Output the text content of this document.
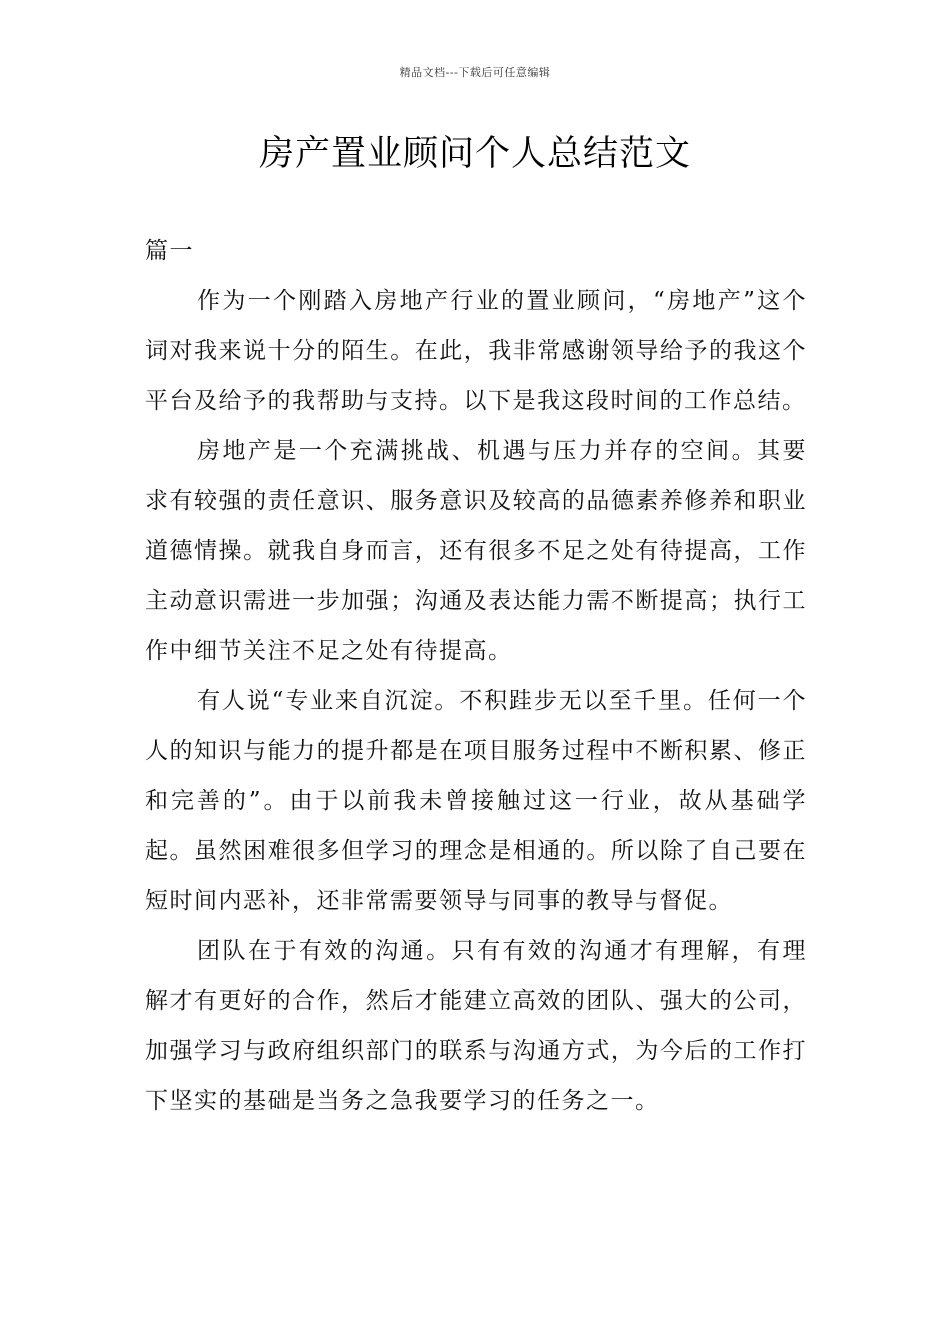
精品文档---下载后可任意编辑
房产置业顾问个人总结范文

篇一

作为一个刚踏入房地产行业的置业顾问，“房地产”这个词对我来说十分的陌生。在此，我非常感谢领导给予的我这个平台及给予的我帮助与支持。以下是我这段时间的工作总结。

房地产是一个充满挑战、机遇与压力并存的空间。其要求有较强的责任意识、服务意识及较高的品德素养修养和职业道德情操。就我自身而言，还有很多不足之处有待提高，工作主动意识需进一步加强；沟通及表达能力需不断提高；执行工作中细节关注不足之处有待提高。

有人说“专业来自沉淀。不积跬步无以至千里。任何一个人的知识与能力的提升都是在项目服务过程中不断积累、修正和完善的”。由于以前我未曾接触过这一行业，故从基础学起。虽然困难很多但学习的理念是相通的。所以除了自己要在短时间内恶补，还非常需要领导与同事的教导与督促。

团队在于有效的沟通。只有有效的沟通才有理解，有理解才有更好的合作，然后才能建立高效的团队、强大的公司，加强学习与政府组织部门的联系与沟通方式，为今后的工作打下坚实的基础是当务之急我要学习的任务之一。
